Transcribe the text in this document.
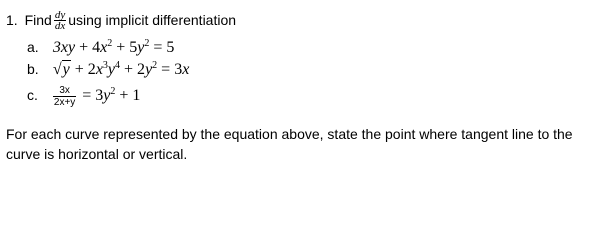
1. Find $\frac{dy}{dx}$ using implicit differentiation
a. $3xy + 4x^2 + 5y^2 = 5$
b. $√y + 2x^3y^4 + 2y^2 = 3x$
c. $\frac{3x}{2x+y} = 3y^2 + 1$
For each curve represented by the equation above, state the point where tangent line to the curve is horizontal or vertical.
